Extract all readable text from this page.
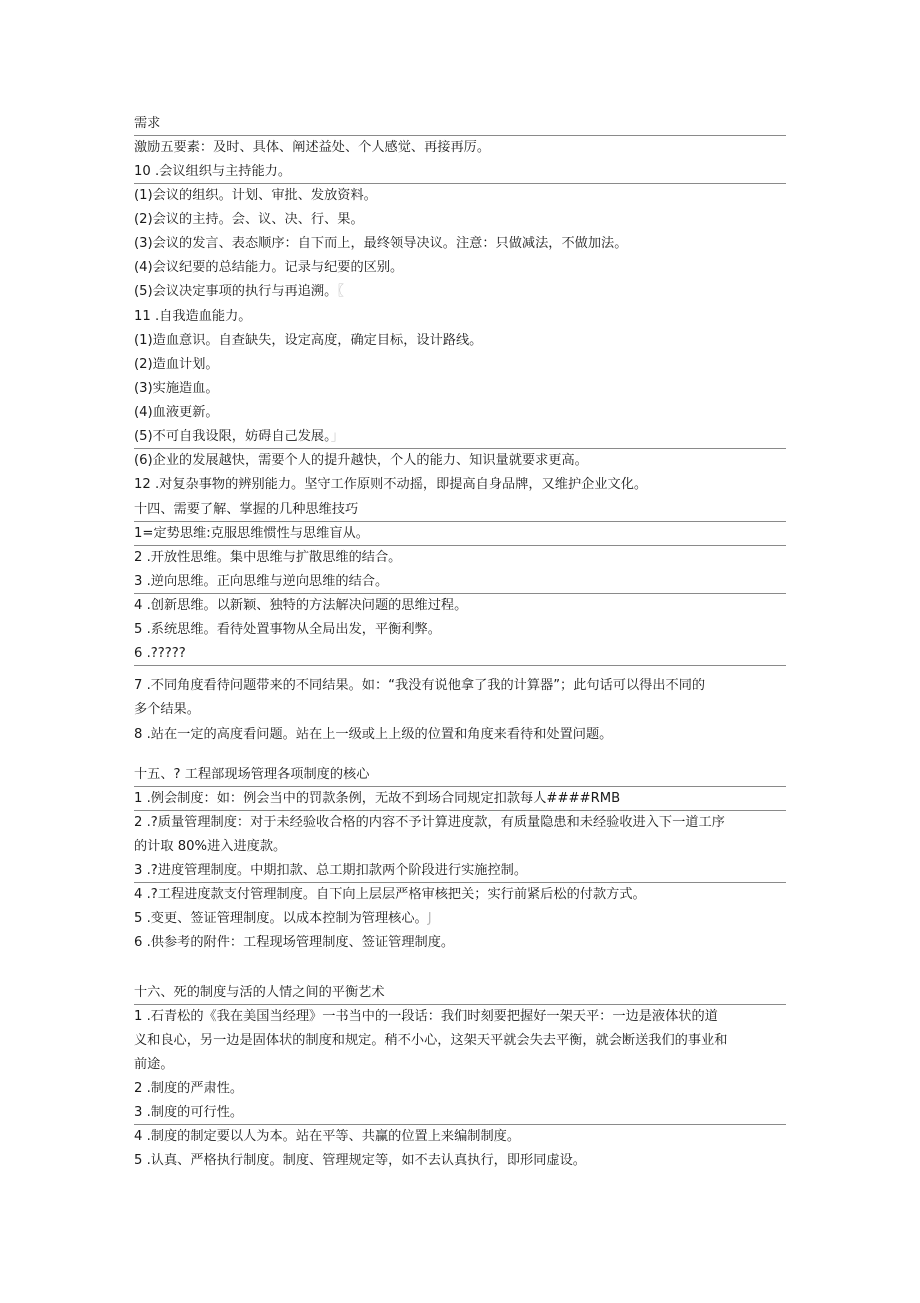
需求
激励五要素：及时、具体、阐述益处、个人感觉、再接再厉。
10 .会议组织与主持能力。
(1)会议的组织。计划、审批、发放资料。
(2)会议的主持。会、议、决、行、果。
(3)会议的发言、表态顺序：自下而上，最终领导决议。注意：只做减法，不做加法。
(4)会议纪要的总结能力。记录与纪要的区别。
(5)会议决定事项的执行与再追溯。〖
11 .自我造血能力。
(1)造血意识。自查缺失，设定高度，确定目标，设计路线。
(2)造血计划。
(3)实施造血。
(4)血液更新。
(5)不可自我设限，妨碍自己发展。」
(6)企业的发展越快，需要个人的提升越快，个人的能力、知识量就要求更高。
12 .对复杂事物的辨别能力。坚守工作原则不动摇，即提高自身品牌，又维护企业文化。
十四、需要了解、掌握的几种思维技巧
1=定势思维:克服思维惯性与思维盲从。
2 .开放性思维。集中思维与扩散思维的结合。
3 .逆向思维。正向思维与逆向思维的结合。
4 .创新思维。以新颖、独特的方法解决问题的思维过程。
5 .系统思维。看待处置事物从全局出发，平衡利弊。
6 .?????
7 .不同角度看待问题带来的不同结果。如：“我没有说他拿了我的计算器”；此句话可以得出不同的
多个结果。
8 .站在一定的高度看问题。站在上一级或上上级的位置和角度来看待和处置问题。
十五、? 工程部现场管理各项制度的核心
1 .例会制度：如：例会当中的罚款条例，无故不到场合同规定扣款每人####RMB
2 .?质量管理制度：对于未经验收合格的内容不予计算进度款，有质量隐患和未经验收进入下一道工序
的计取 80%进入进度款。
3 .?进度管理制度。中期扣款、总工期扣款两个阶段进行实施控制。
4 .?工程进度款支付管理制度。自下向上层层严格审核把关；实行前紧后松的付款方式。
5 .变更、签证管理制度。以成本控制为管理核心。J
6 .供参考的附件：工程现场管理制度、签证管理制度。
十六、死的制度与活的人情之间的平衡艺术
1 .石青松的《我在美国当经理》一书当中的一段话：我们时刻要把握好一架天平：一边是液体状的道
义和良心，另一边是固体状的制度和规定。稍不小心，这架天平就会失去平衡，就会断送我们的事业和
前途。
2 .制度的严肃性。
3 .制度的可行性。
4 .制度的制定要以人为本。站在平等、共赢的位置上来编制制度。
5 .认真、严格执行制度。制度、管理规定等，如不去认真执行，即形同虚设。
